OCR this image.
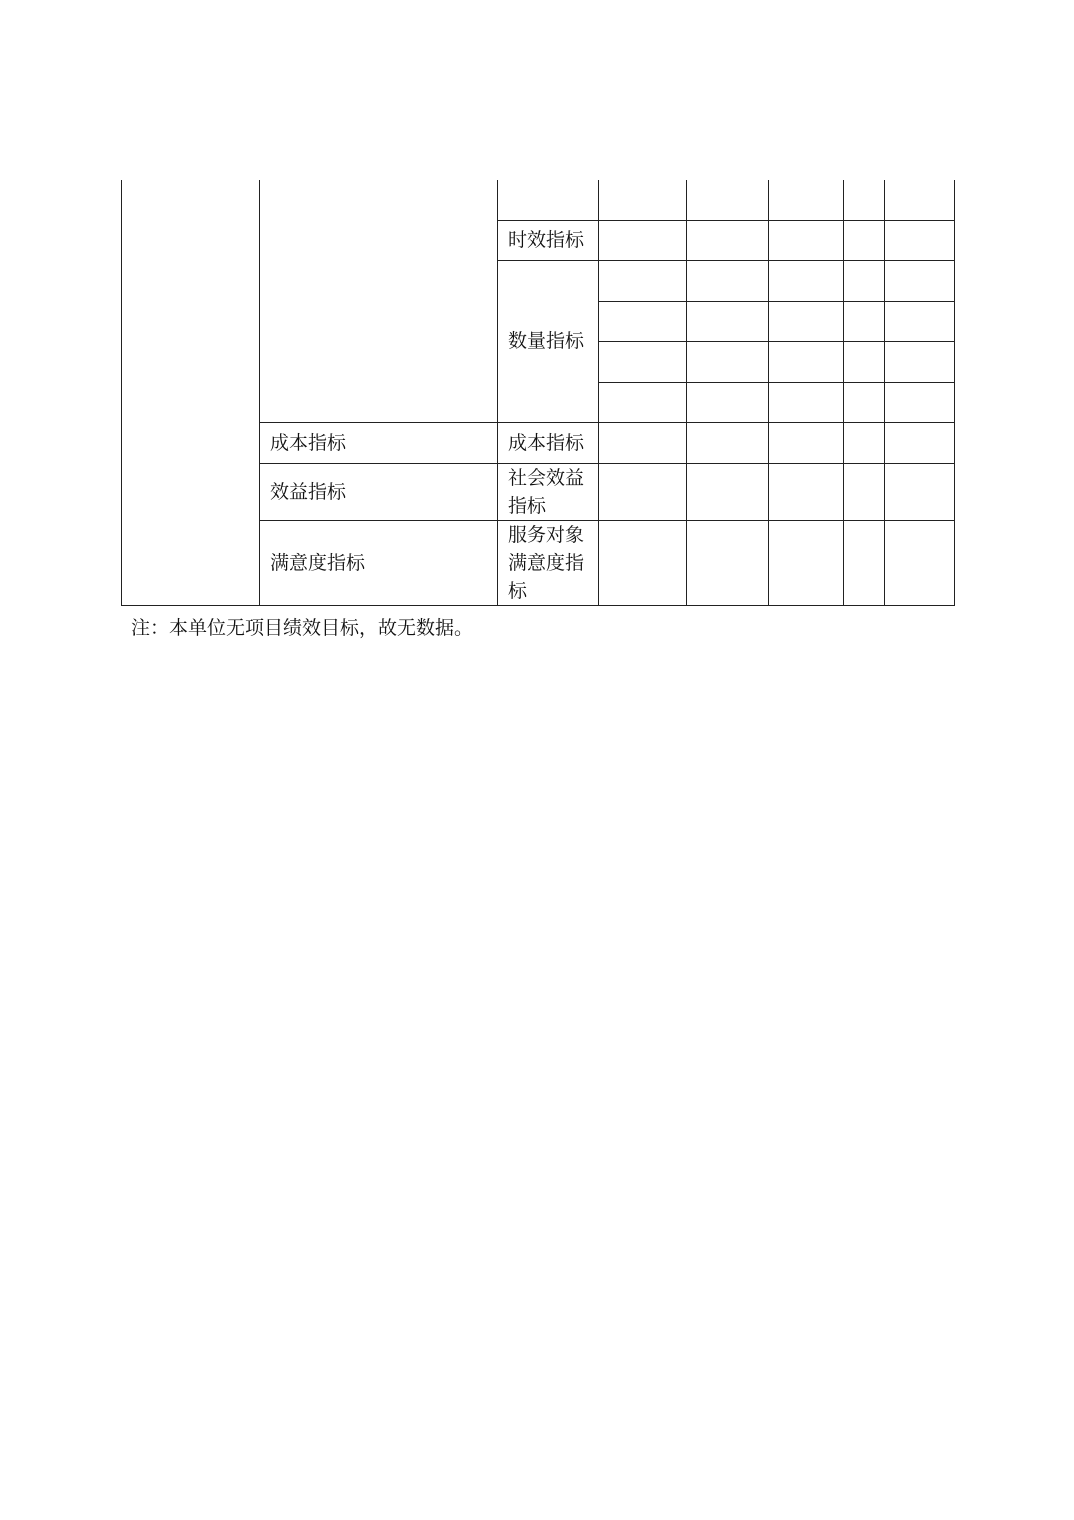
时效指标
数量指标
成本指标	成本指标
效益指标
社会效益指标
满意度指标
服务对象满意度指标
注：本单位无项目绩效目标，故无数据。
